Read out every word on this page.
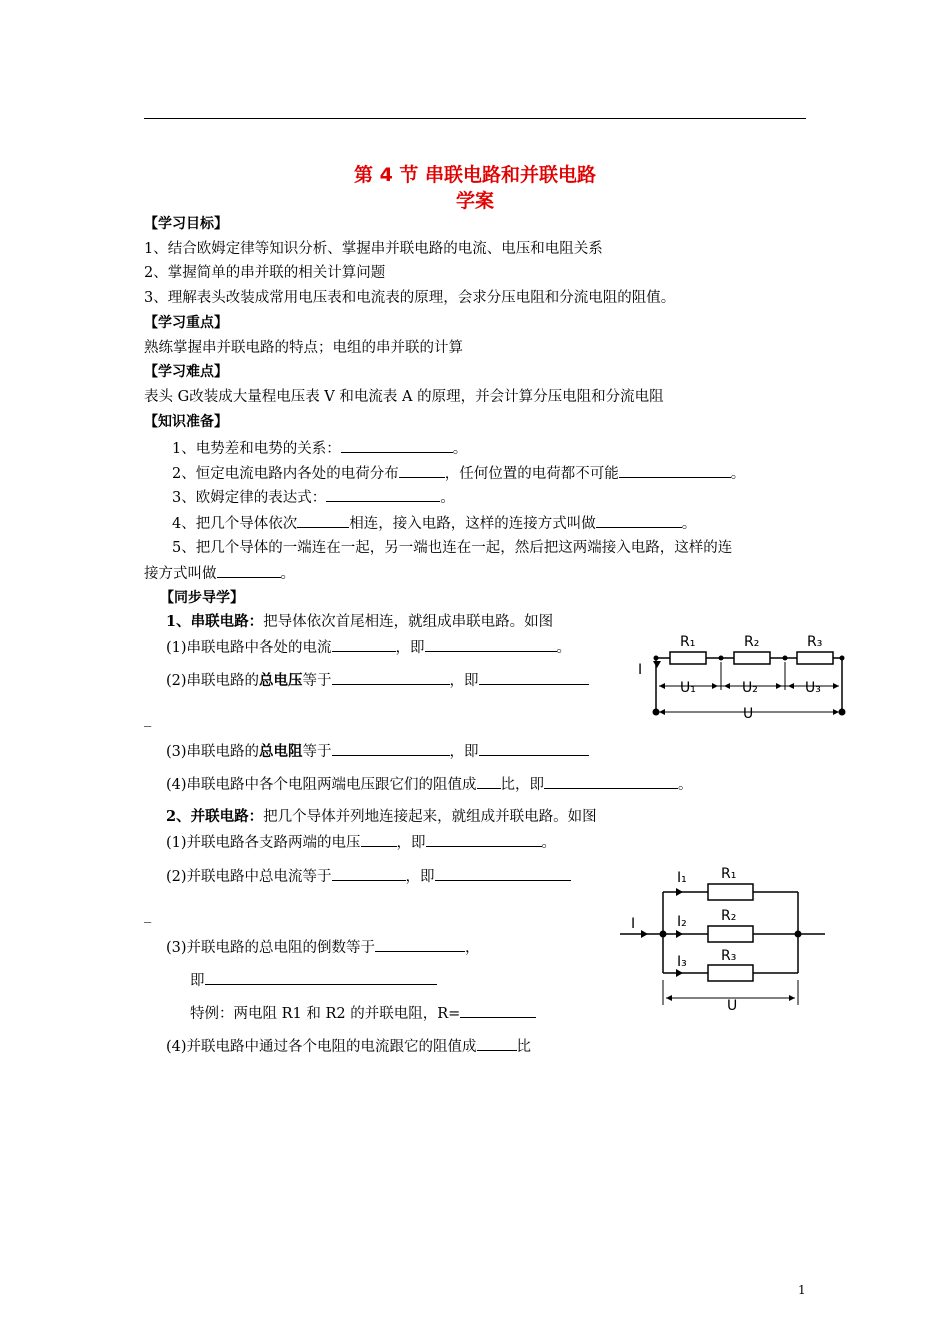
第 4 节 串联电路和并联电路
学案
【学习目标】
1、结合欧姆定律等知识分析、掌握串并联电路的电流、电压和电阻关系
2、掌握简单的串并联的相关计算问题
3、理解表头改装成常用电压表和电流表的原理，会求分压电阻和分流电阻的阻值。
【学习重点】
熟练掌握串并联电路的特点；电组的串并联的计算
【学习难点】
表头 G改装成大量程电压表 V 和电流表 A 的原理，并会计算分压电阻和分流电阻
【知识准备】
1、电势差和电势的关系：	。
2、恒定电流电路内各处的电荷分布	，任何位置的电荷都不可能	。
3、欧姆定律的表达式：	。
4、把几个导体依次	相连，接入电路，这样的连接方式叫做	。
5、把几个导体的一端连在一起，另一端也连在一起，然后把这两端接入电路，这样的连
接方式叫做	。
【同步导学】
1、串联电路：把导体依次首尾相连，就组成串联电路。如图
(1)串联电路中各处的电流	，即	。
(2)串联电路的总电压等于	，即
_
(3)串联电路的总电阻等于	，即
(4)串联电路中各个电阻两端电压跟它们的阻值成 比，即	。
2、并联电路：把几个导体并列地连接起来，就组成并联电路。如图
(1)并联电路各支路两端的电压 ，即	。
(2)并联电路中总电流等于	，即
_
(3)并联电路的总电阻的倒数等于	，
即
特例：两电阻 R1 和 R2 的并联电阻，R=
(4)并联电路中通过各个电阻的电流跟它的阻值成	比
I
R₁	R₂	R₃
U₁	U₂	U₃
U
I
I₁
I₂
I₃
R₁
R₂
R₃
U
1
